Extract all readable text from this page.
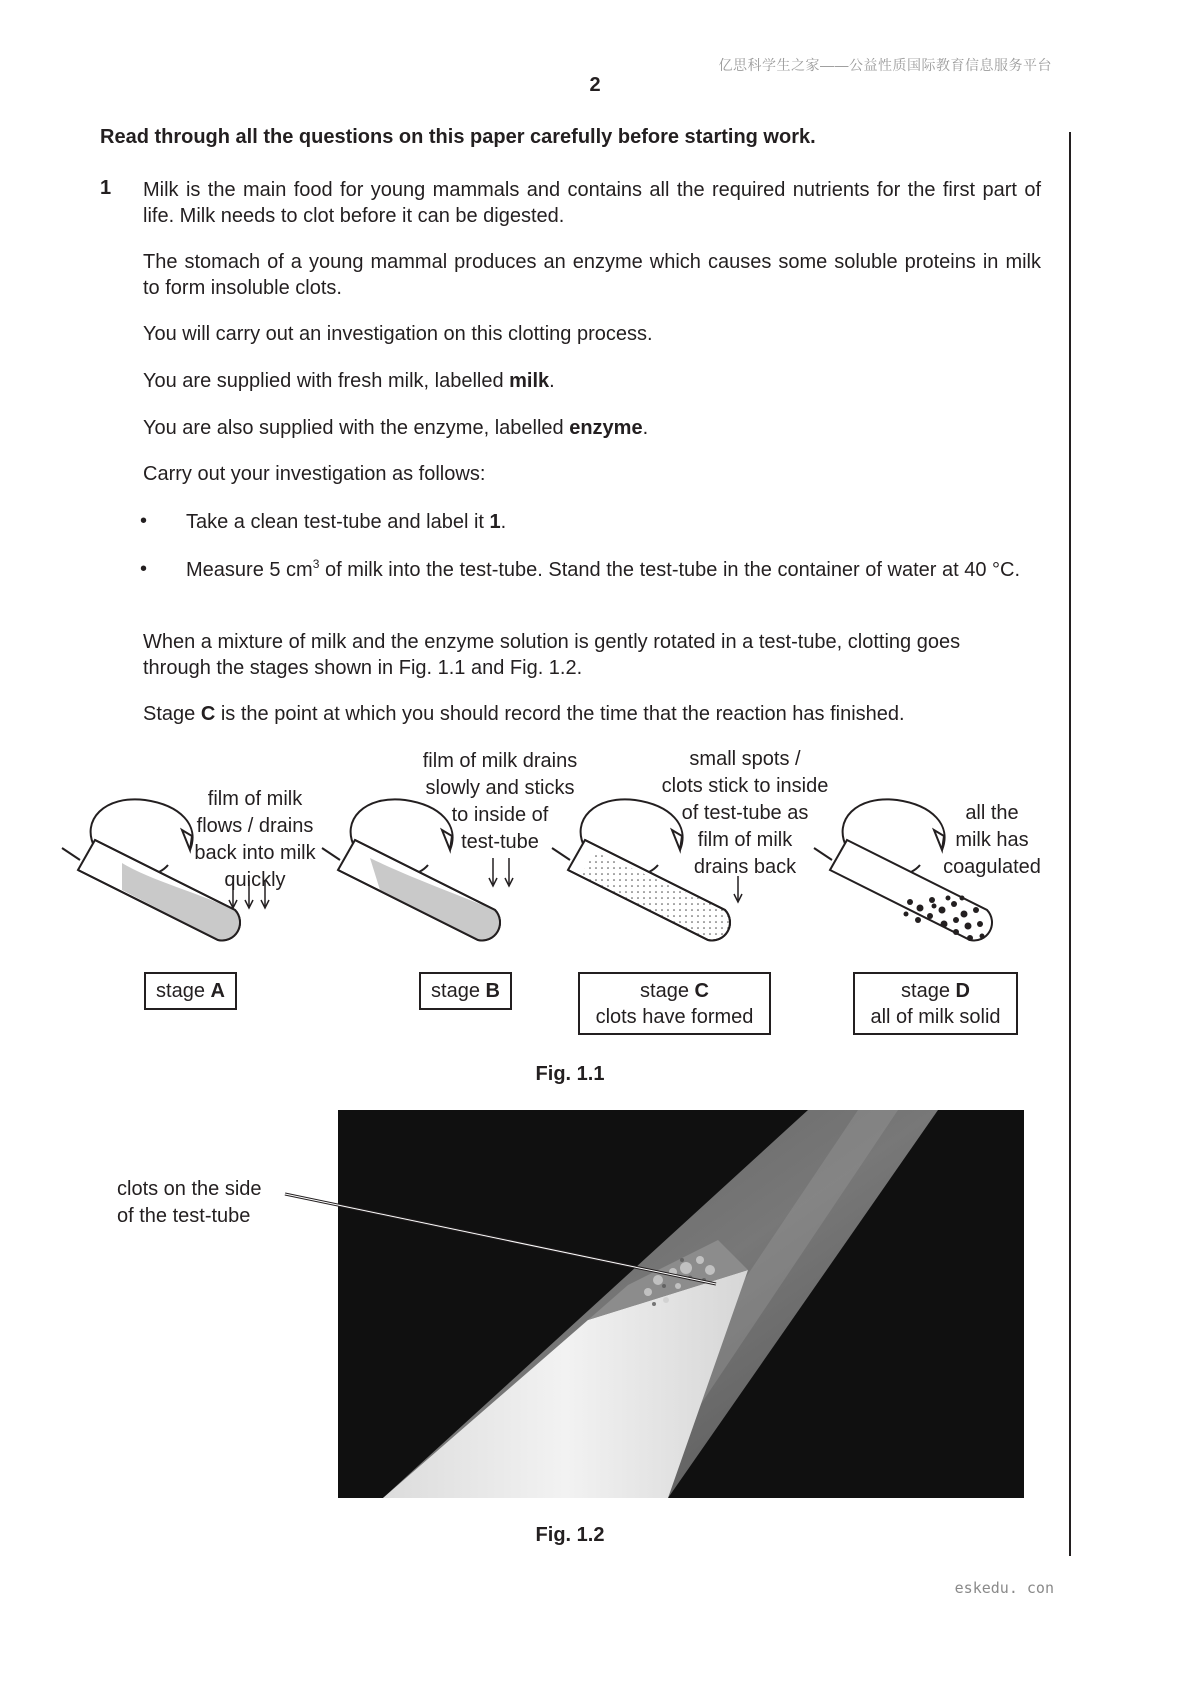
亿思科学生之家——公益性质国际教育信息服务平台
2
Read through all the questions on this paper carefully before starting work.
1 Milk is the main food for young mammals and contains all the required nutrients for the first part of life. Milk needs to clot before it can be digested.
The stomach of a young mammal produces an enzyme which causes some soluble proteins in milk to form insoluble clots.
You will carry out an investigation on this clotting process.
You are supplied with fresh milk, labelled milk.
You are also supplied with the enzyme, labelled enzyme.
Carry out your investigation as follows:
• Take a clean test-tube and label it 1.
• Measure 5 $cm^3$ of milk into the test-tube. Stand the test-tube in the container of water at 40 °C.
When a mixture of milk and the enzyme solution is gently rotated in a test-tube, clotting goes through the stages shown in Fig. 1.1 and Fig. 1.2.
Stage C is the point at which you should record the time that the reaction has finished.
film of milk
flows / drains
back into milk
quickly
film of milk drains
slowly and sticks
to inside of
test-tube
small spots /
clots stick to inside
of test-tube as
film of milk
drains back
all the
milk has
coagulated
stage A	stage B	stage C
clots have formed
stage D
all of milk solid
Fig. 1.1
clots on the side
of the test-tube
Fig. 1.2
eskedu. con
